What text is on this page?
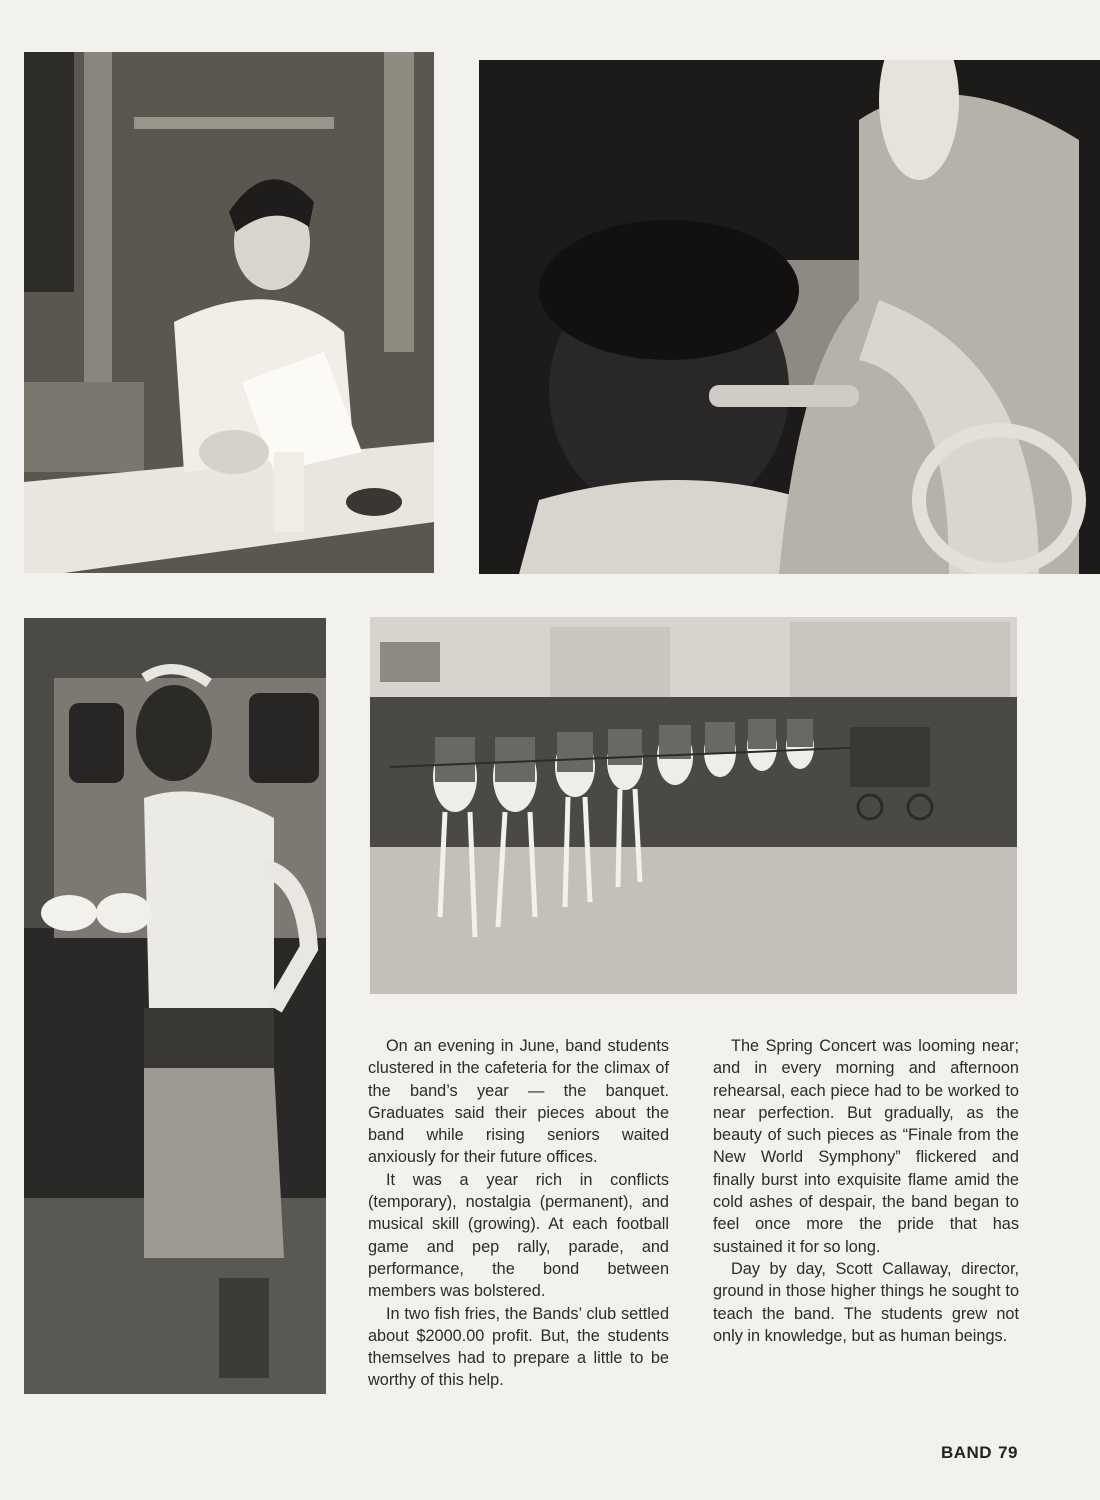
On an evening in June, band students clustered in the cafeteria for the climax of the band’s year — the banquet. Graduates said their pieces about the band while rising seniors waited anxiously for their future offices.

It was a year rich in conflicts (temporary), nostalgia (permanent), and musical skill (growing). At each football game and pep rally, parade, and performance, the bond between members was bolstered.

In two fish fries, the Bands’ club settled about $2000.00 profit. But, the students themselves had to prepare a little to be worthy of this help.

The Spring Concert was looming near; and in every morning and afternoon rehearsal, each piece had to be worked to near perfection. But gradually, as the beauty of such pieces as “Finale from the New World Symphony” flickered and finally burst into exquisite flame amid the cold ashes of despair, the band began to feel once more the pride that has sustained it for so long.

Day by day, Scott Callaway, director, ground in those higher things he sought to teach the band. The students grew not only in knowledge, but as human beings.

BAND 79
